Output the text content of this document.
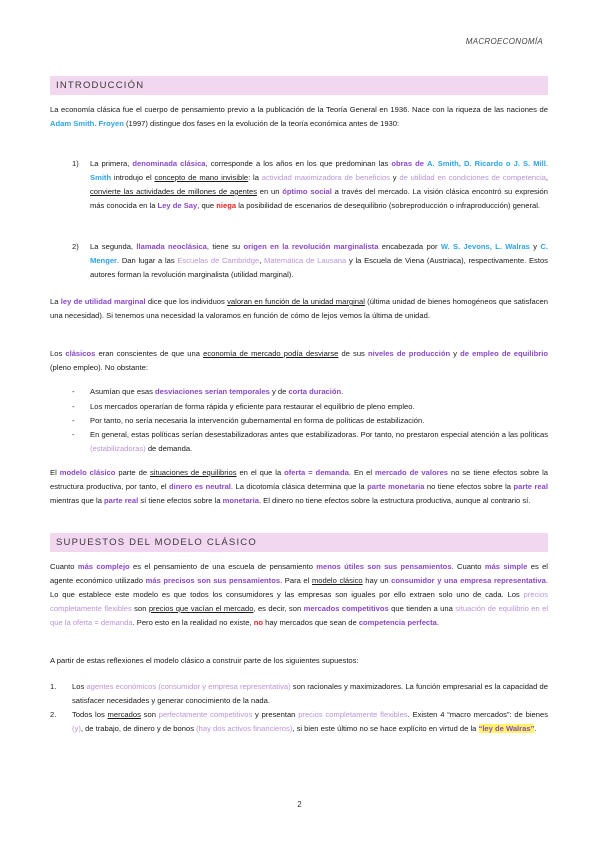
MACROECONOMÍA
INTRODUCCIÓN
La economía clásica fue el cuerpo de pensamiento previo a la publicación de la Teoría General en 1936. Nace con la riqueza de las naciones de Adam Smith. Froyen (1997) distingue dos fases en la evolución de la teoría económica antes de 1930:
1) La primera, denominada clásica, corresponde a los años en los que predominan las obras de A. Smith, D. Ricardo o J. S. Mill. Smith introdujo el concepto de mano invisible: la actividad maximizadora de beneficios y de utilidad en condiciones de competencia, convierte las actividades de millones de agentes en un óptimo social a través del mercado. La visión clásica encontró su expresión más conocida en la Ley de Say, que niega la posibilidad de escenarios de desequilibrio (sobreproducción o infraproducción) general.
2) La segunda, llamada neoclásica, tiene su origen en la revolución marginalista encabezada por W. S. Jevons, L. Walras y C. Menger. Dan lugar a las Escuelas de Cambridge, Matemática de Lausana y la Escuela de Viena (Austriaca), respectivamente. Estos autores forman la revolución marginalista (utilidad marginal).
La ley de utilidad marginal dice que los individuos valoran en función de la unidad marginal (última unidad de bienes homogéneos que satisfacen una necesidad). Si tenemos una necesidad la valoramos en función de cómo de lejos vemos la última de unidad.
Los clásicos eran conscientes de que una economía de mercado podía desviarse de sus niveles de producción y de empleo de equilibrio (pleno empleo). No obstante:
- Asumían que esas desviaciones serían temporales y de corta duración.
- Los mercados operarían de forma rápida y eficiente para restaurar el equilibrio de pleno empleo.
- Por tanto, no sería necesaria la intervención gubernamental en forma de políticas de estabilización.
- En general, estas políticas serían desestabilizadoras antes que estabilizadoras. Por tanto, no prestaron especial atención a las políticas (estabilizadoras) de demanda.
El modelo clásico parte de situaciones de equilibrios en el que la oferta = demanda. En el mercado de valores no se tiene efectos sobre la estructura productiva, por tanto, el dinero es neutral. La dicotomía clásica determina que la parte monetaria no tiene efectos sobre la parte real mientras que la parte real sí tiene efectos sobre la monetaria. El dinero no tiene efectos sobre la estructura productiva, aunque al contrario sí.
SUPUESTOS DEL MODELO CLÁSICO
Cuanto más complejo es el pensamiento de una escuela de pensamiento menos útiles son sus pensamientos. Cuanto más simple es el agente económico utilizado más precisos son sus pensamientos. Para el modelo clásico hay un consumidor y una empresa representativa. Lo que establece este modelo es que todos los consumidores y las empresas son iguales por ello extraen solo uno de cada. Los precios completamente flexibles son precios que vacían el mercado, es decir, son mercados competitivos que tienden a una situación de equilibrio en el que la oferta = demanda. Pero esto en la realidad no existe, no hay mercados que sean de competencia perfecta.
A partir de estas reflexiones el modelo clásico a construir parte de los siguientes supuestos:
1. Los agentes económicos (consumidor y empresa representativa) son racionales y maximizadores. La función empresarial es la capacidad de satisfacer necesidades y generar conocimiento de la nada.
2. Todos los mercados son perfectamente competitivos y presentan precios completamente flexibles. Existen 4 “macro mercados”: de bienes (y), de trabajo, de dinero y de bonos (hay dos activos financieros), si bien este último no se hace explícito en virtud de la “ley de Walras”.
2
